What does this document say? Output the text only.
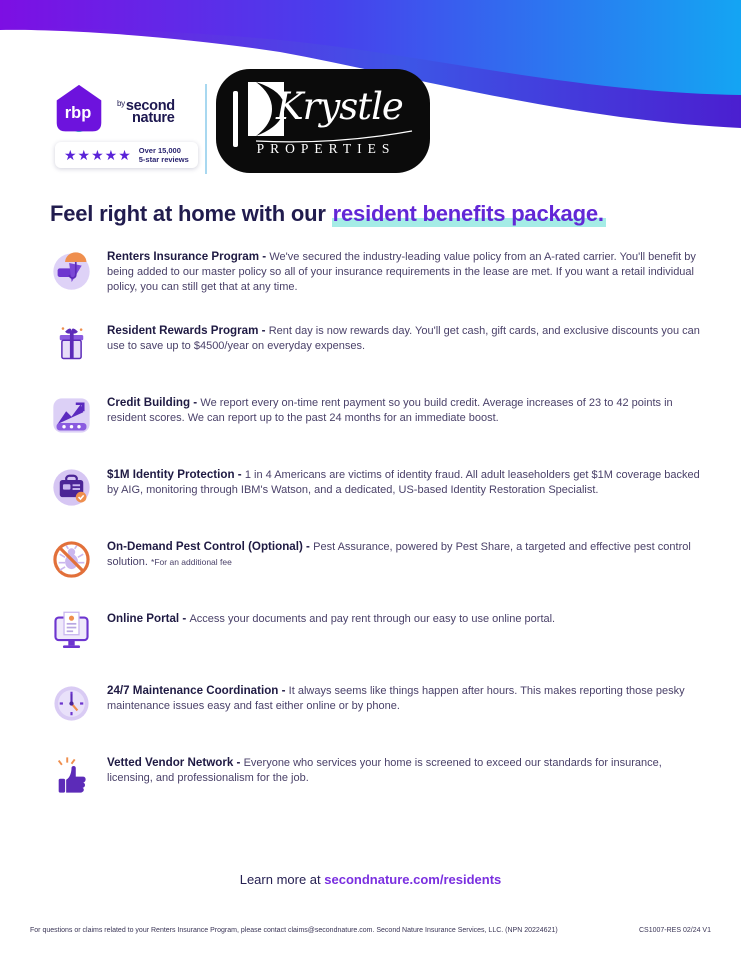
rbp
$^{by}$second
nature
★★★★★ Over 15,000
5-star reviews
Krystle
PROPERTIES
Feel right at home with our resident benefits package.

Renters Insurance Program - We've secured the industry-leading value policy from an A-rated carrier. You'll benefit by being added to our master policy so all of your insurance requirements in the lease are met. If you want a retail individual policy, you can still get that at any time.

Resident Rewards Program - Rent day is now rewards day. You'll get cash, gift cards, and exclusive discounts you can use to save up to $4500/year on everyday expenses.

Credit Building - We report every on-time rent payment so you build credit. Average increases of 23 to 42 points in resident scores. We can report up to the past 24 months for an immediate boost.

$1M Identity Protection - 1 in 4 Americans are victims of identity fraud. All adult leaseholders get $1M coverage backed by AIG, monitoring through IBM's Watson, and a dedicated, US-based Identity Restoration Specialist.

On-Demand Pest Control (Optional) - Pest Assurance, powered by Pest Share, a targeted and effective pest control solution. *For an additional fee

Online Portal - Access your documents and pay rent through our easy to use online portal.

24/7 Maintenance Coordination - It always seems like things happen after hours. This makes reporting those pesky maintenance issues easy and fast either online or by phone.

Vetted Vendor Network - Everyone who services your home is screened to exceed our standards for insurance, licensing, and professionalism for the job.

Learn more at secondnature.com/residents
For questions or claims related to your Renters Insurance Program, please contact claims@secondnature.com. Second Nature Insurance Services, LLC. (NPN 20224621)	CS1007-RES 02/24 V1
